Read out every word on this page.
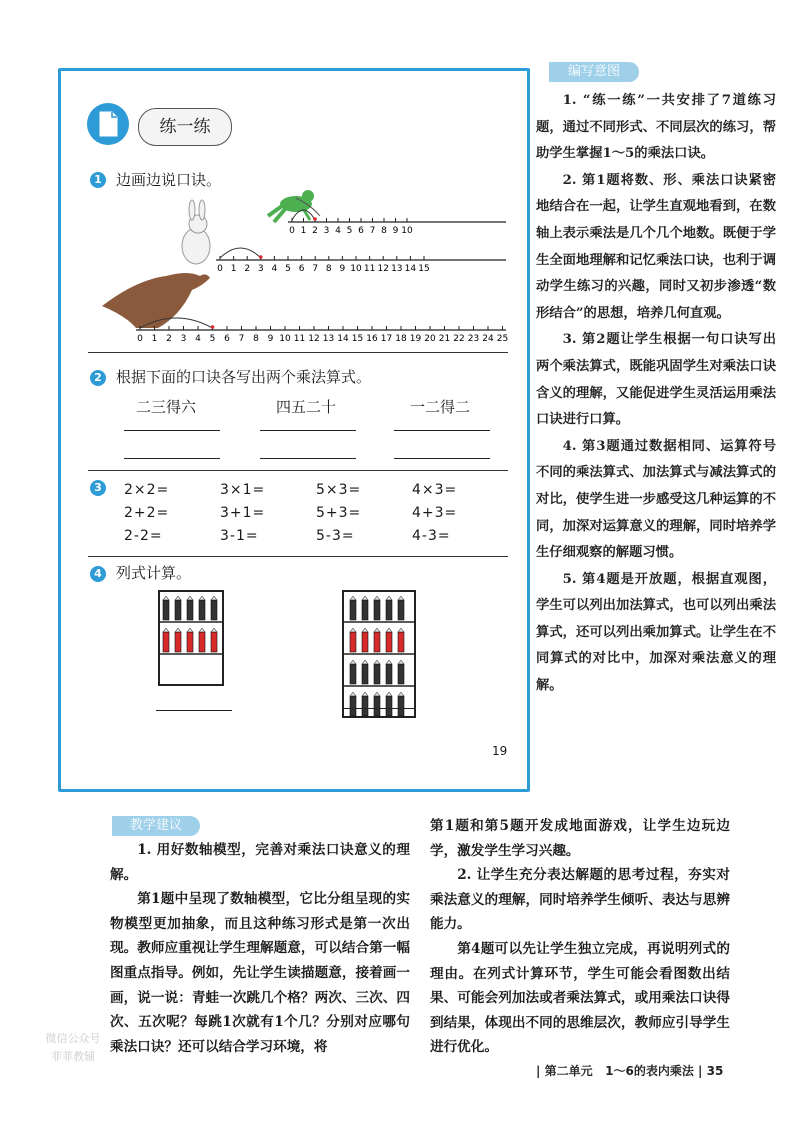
练一练
1 边画边说口诀。
0 1 2 3 4 5 6 7 8 9 10
0 1 2 3 4 5 6 7 8 9 10 11 12 13 14 15
0 1 2 3 4 5 6 7 8 9 10 11 12 13 14 15 16 17 18 19 20 21 22 23 24 25
2 根据下面的口诀各写出两个乘法算式。
二三得六	四五二十	一二得二
3 2×2=	3×1=	5×3=	4×3=
2+2=	3+1=	5+3=	4+3=
2-2=	3-1=	5-3=	4-3=
4 列式计算。
19
编写意图

1. “练一练”一共安排了7道练习题，通过不同形式、不同层次的练习，帮助学生掌握1～5的乘法口诀。

2. 第1题将数、形、乘法口诀紧密地结合在一起，让学生直观地看到，在数轴上表示乘法是几个几个地数。既便于学生全面地理解和记忆乘法口诀，也利于调动学生练习的兴趣，同时又初步渗透“数形结合”的思想，培养几何直观。

3. 第2题让学生根据一句口诀写出两个乘法算式，既能巩固学生对乘法口诀含义的理解，又能促进学生灵活运用乘法口诀进行口算。

4. 第3题通过数据相同、运算符号不同的乘法算式、加法算式与减法算式的对比，使学生进一步感受这几种运算的不同，加深对运算意义的理解，同时培养学生仔细观察的解题习惯。

5. 第4题是开放题，根据直观图，学生可以列出加法算式，也可以列出乘法算式，还可以列出乘加算式。让学生在不同算式的对比中，加深对乘法意义的理解。

教学建议

1. 用好数轴模型，完善对乘法口诀意义的理解。

第1题中呈现了数轴模型，它比分组呈现的实物模型更加抽象，而且这种练习形式是第一次出现。教师应重视让学生理解题意，可以结合第一幅图重点指导。例如，先让学生读描题意，接着画一画，说一说：青蛙一次跳几个格？两次、三次、四次、五次呢？每跳1次就有1个几？分别对应哪句乘法口诀？还可以结合学习环境，将

第1题和第5题开发成地面游戏，让学生边玩边学，激发学生学习兴趣。

2. 让学生充分表达解题的思考过程，夯实对乘法意义的理解，同时培养学生倾听、表达与思辨能力。

第4题可以先让学生独立完成，再说明列式的理由。在列式计算环节，学生可能会看图数出结果、可能会列加法或者乘法算式，或用乘法口诀得到结果，体现出不同的思维层次，教师应引导学生进行优化。

微信公众号
菲菲教辅
| 第二单元 1～6的表内乘法 | 35
